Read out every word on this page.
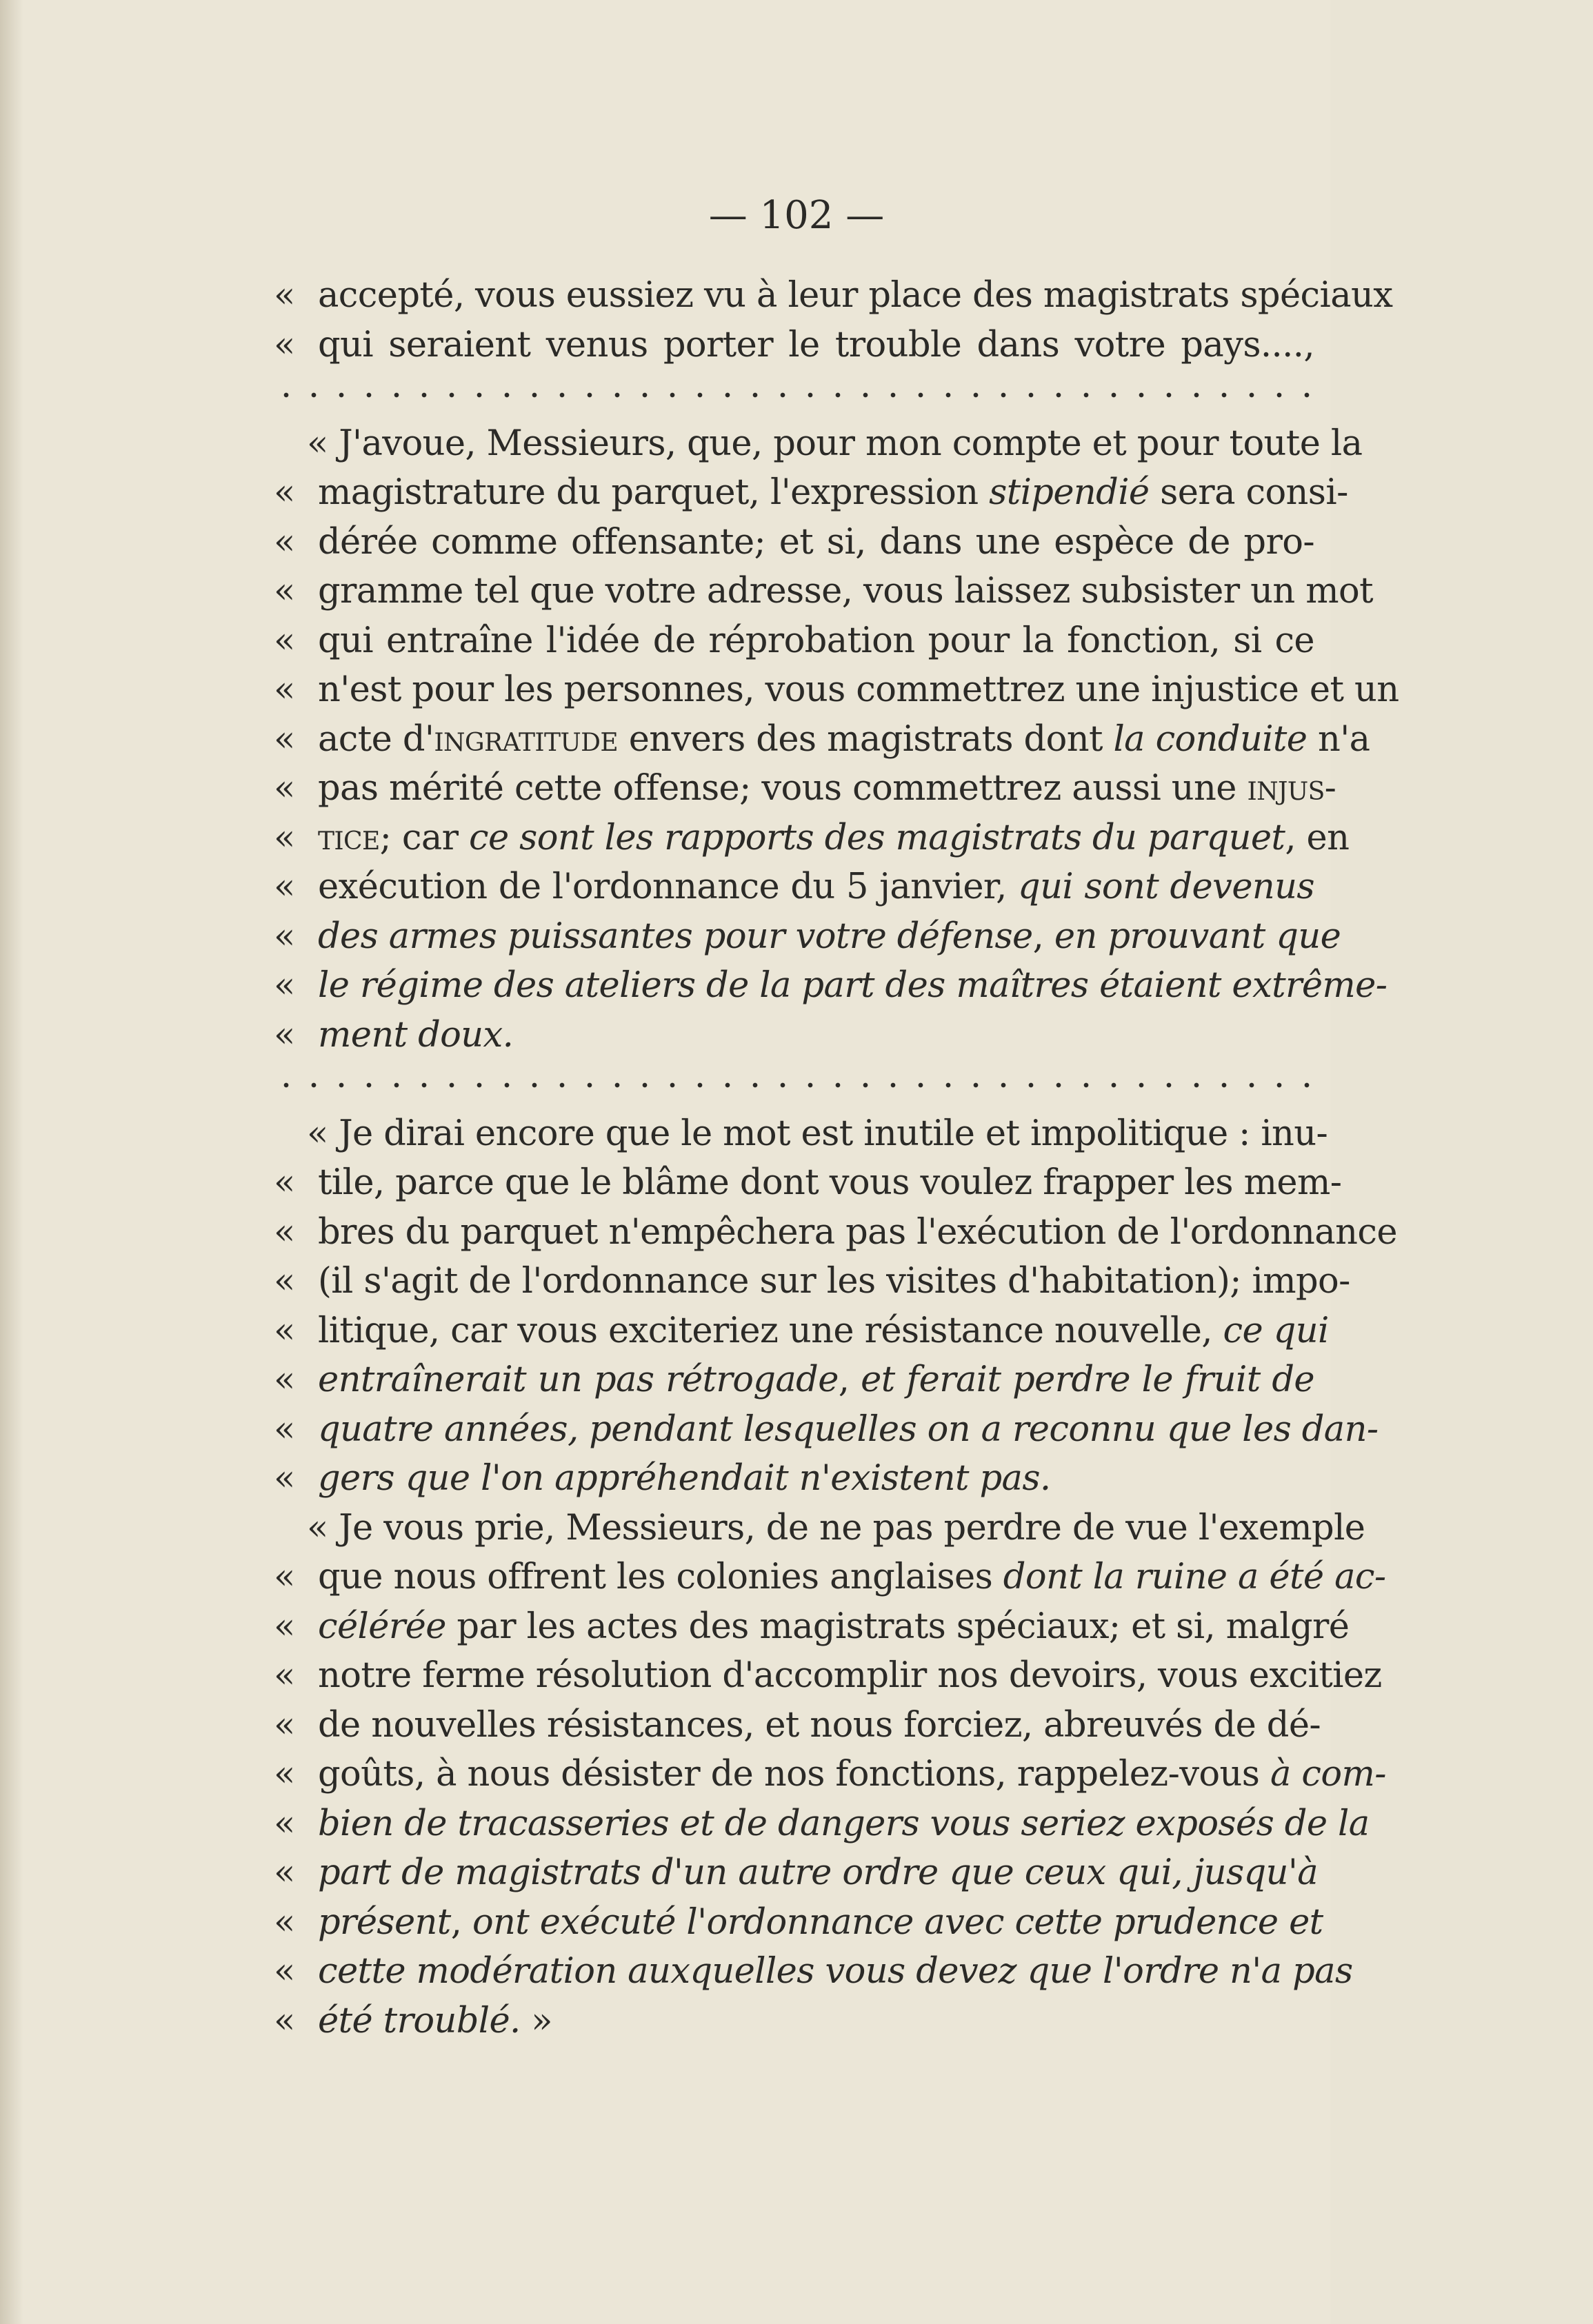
— 102 —
« accepté, vous eussiez vu à leur place des magistrats spéciaux
« qui seraient venus porter le trouble dans votre pays....,
« J'avoue, Messieurs, que, pour mon compte et pour toute la
« magistrature du parquet, l'expression stipendié sera consi-
« dérée comme offensante; et si, dans une espèce de pro-
« gramme tel que votre adresse, vous laissez subsister un mot
« qui entraîne l'idée de réprobation pour la fonction, si ce
« n'est pour les personnes, vous commettrez une injustice et un
« acte d'ingratitude envers des magistrats dont la conduite n'a
« pas mérité cette offense; vous commettrez aussi une injus-
« tice; car ce sont les rapports des magistrats du parquet, en
« exécution de l'ordonnance du 5 janvier, qui sont devenus
« des armes puissantes pour votre défense, en prouvant que
« le régime des ateliers de la part des maîtres étaient extrême-
« ment doux.
« Je dirai encore que le mot est inutile et impolitique : inu-
« tile, parce que le blâme dont vous voulez frapper les mem-
« bres du parquet n'empêchera pas l'exécution de l'ordonnance
« (il s'agit de l'ordonnance sur les visites d'habitation); impo-
« litique, car vous exciteriez une résistance nouvelle, ce qui
« entraînerait un pas rétrogade, et ferait perdre le fruit de
« quatre années, pendant lesquelles on a reconnu que les dan-
« gers que l'on appréhendait n'existent pas.
« Je vous prie, Messieurs, de ne pas perdre de vue l'exemple
« que nous offrent les colonies anglaises dont la ruine a été ac-
« célérée par les actes des magistrats spéciaux; et si, malgré
« notre ferme résolution d'accomplir nos devoirs, vous excitiez
« de nouvelles résistances, et nous forciez, abreuvés de dé-
« goûts, à nous désister de nos fonctions, rappelez-vous à com-
« bien de tracasseries et de dangers vous seriez exposés de la
« part de magistrats d'un autre ordre que ceux qui, jusqu'à
« présent, ont exécuté l'ordonnance avec cette prudence et
« cette modération auxquelles vous devez que l'ordre n'a pas
« été troublé. »
